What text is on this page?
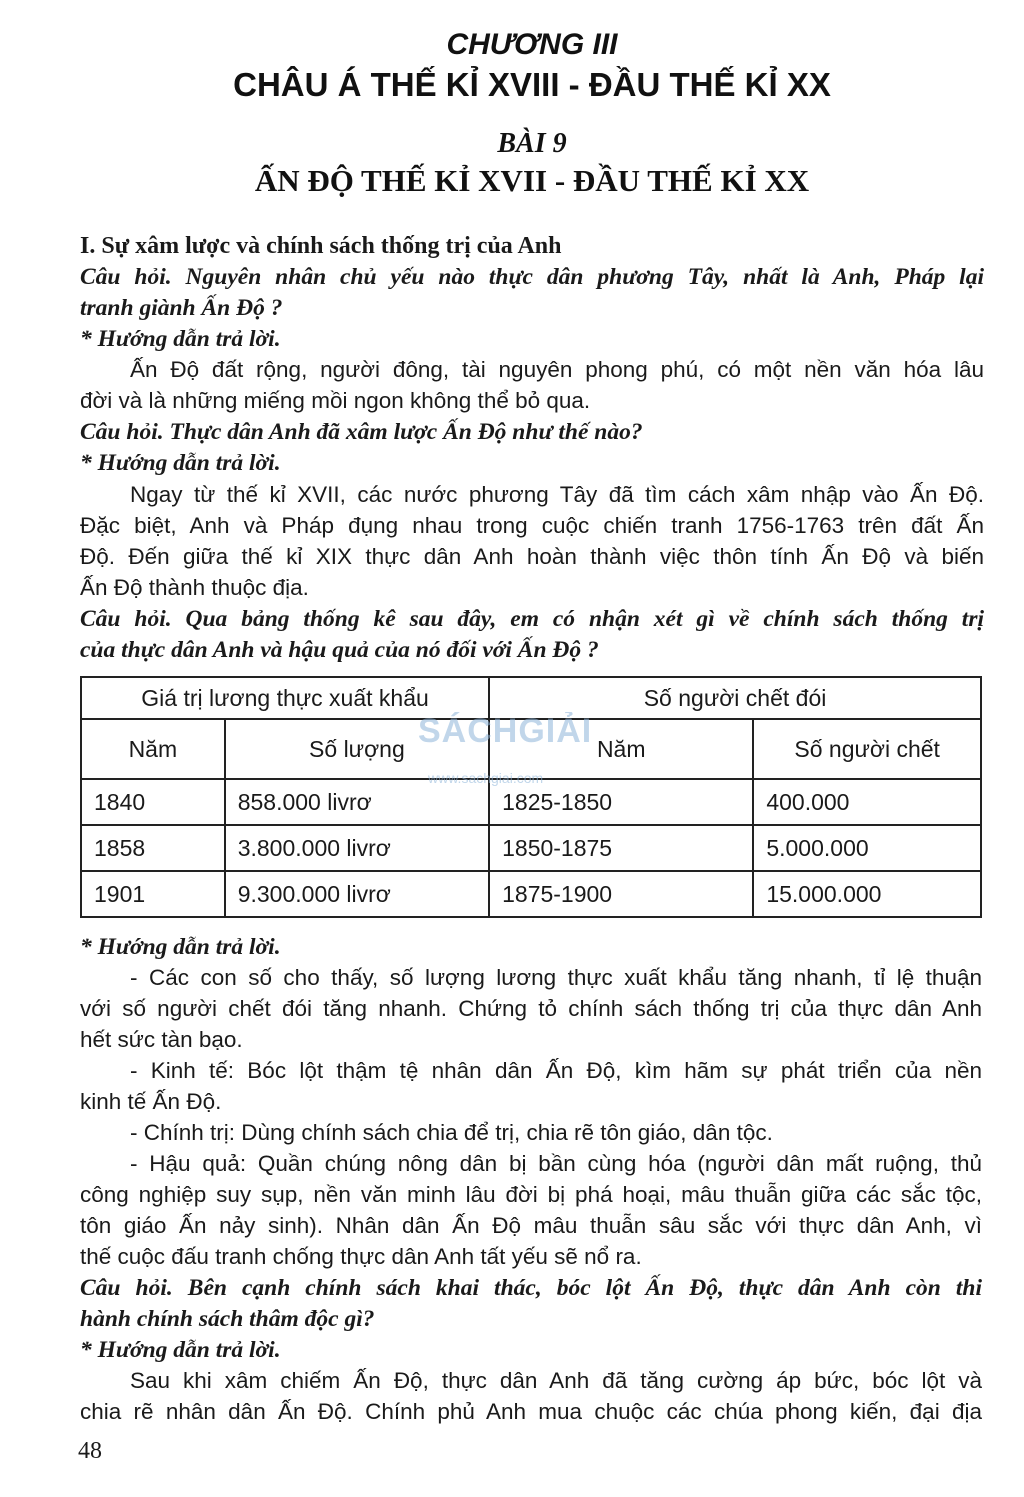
CHƯƠNG III
CHÂU Á THẾ KỈ XVIII - ĐẦU THẾ KỈ XX
BÀI 9
ẤN ĐỘ THẾ KỈ XVII - ĐẦU THẾ KỈ XX
I. Sự xâm lược và chính sách thống trị của Anh
Câu hỏi. Nguyên nhân chủ yếu nào thực dân phương Tây, nhất là Anh, Pháp lại
tranh giành Ấn Độ ?
* Hướng dẫn trả lời.
Ấn Độ đất rộng, người đông, tài nguyên phong phú, có một nền văn hóa lâu
đời và là những miếng mồi ngon không thể bỏ qua.
Câu hỏi. Thực dân Anh đã xâm lược Ấn Độ như thế nào?
* Hướng dẫn trả lời.
Ngay từ thế kỉ XVII, các nước phương Tây đã tìm cách xâm nhập vào Ấn Độ.
Đặc biệt, Anh và Pháp đụng nhau trong cuộc chiến tranh 1756-1763 trên đất Ấn
Độ. Đến giữa thế kỉ XIX thực dân Anh hoàn thành việc thôn tính Ấn Độ và biến
Ấn Độ thành thuộc địa.
Câu hỏi. Qua bảng thống kê sau đây, em có nhận xét gì về chính sách thống trị
của thực dân Anh và hậu quả của nó đối với Ấn Độ ?
Giá trị lương thực xuất khẩu		Số người chết đói	
Năm	Số lượng	Năm	Số người chết
1840	858.000 livrơ	1825-1850	400.000
1858	3.800.000 livrơ	1850-1875	5.000.000
1901	9.300.000 livrơ	1875-1900	15.000.000
SÁCHGIẢI
www.sachgiai.com
* Hướng dẫn trả lời.
- Các con số cho thấy, số lượng lương thực xuất khẩu tăng nhanh, tỉ lệ thuận
với số người chết đói tăng nhanh. Chứng tỏ chính sách thống trị của thực dân Anh
hết sức tàn bạo.
- Kinh tế: Bóc lột thậm tệ nhân dân Ấn Độ, kìm hãm sự phát triển của nền
kinh tế Ấn Độ.
- Chính trị: Dùng chính sách chia để trị, chia rẽ tôn giáo, dân tộc.
- Hậu quả: Quần chúng nông dân bị bần cùng hóa (người dân mất ruộng, thủ
công nghiệp suy sụp, nền văn minh lâu đời bị phá hoại, mâu thuẫn giữa các sắc tộc,
tôn giáo Ấn nảy sinh). Nhân dân Ấn Độ mâu thuẫn sâu sắc với thực dân Anh, vì
thế cuộc đấu tranh chống thực dân Anh tất yếu sẽ nổ ra.
Câu hỏi. Bên cạnh chính sách khai thác, bóc lột Ấn Độ, thực dân Anh còn thi
hành chính sách thâm độc gì?
* Hướng dẫn trả lời.
Sau khi xâm chiếm Ấn Độ, thực dân Anh đã tăng cường áp bức, bóc lột và
chia rẽ nhân dân Ấn Độ. Chính phủ Anh mua chuộc các chúa phong kiến, đại địa
48
